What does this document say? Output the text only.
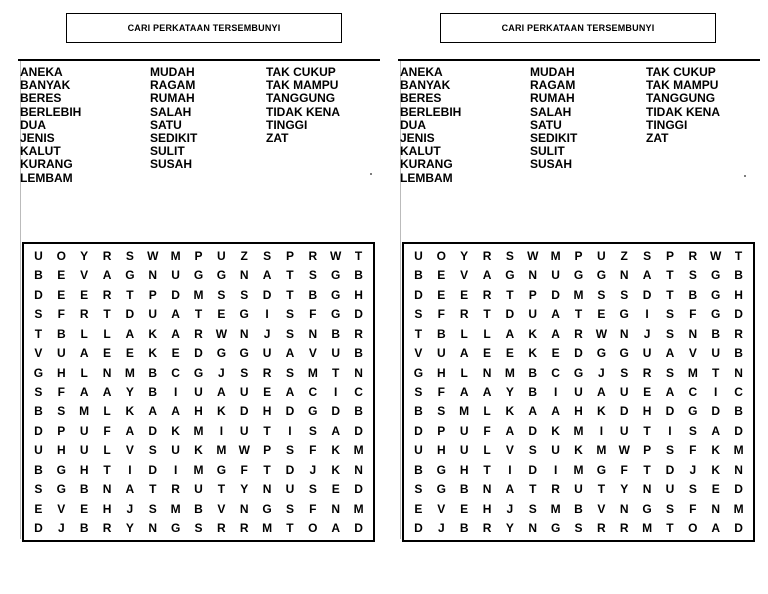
CARI PERKATAAN TERSEMBUNYI
ANEKA
BANYAK
BERES
BERLEBIH
DUA
JENIS
KALUT
KURANG
LEMBAM
MUDAH
RAGAM
RUMAH
SALAH
SATU
SEDIKIT
SULIT
SUSAH
TAK CUKUP
TAK MAMPU
TANGGUNG
TIDAK KENA
TINGGI
ZAT
U	O	Y	R	S	W	M	P	U	Z	S	P	R	W	T
B	E	V	A	G	N	U	G	G	N	A	T	S	G	B
D	E	E	R	T	P	D	M	S	S	D	T	B	G	H
S	F	R	T	D	U	A	T	E	G	I	S	F	G	D
T	B	L	L	A	K	A	R	W	N	J	S	N	B	R
V	U	A	E	E	K	E	D	G	G	U	A	V	U	B
G	H	L	N	M	B	C	G	J	S	R	S	M	T	N
S	F	A	A	Y	B	I	U	A	U	E	A	C	I	C
B	S	M	L	K	A	A	H	K	D	H	D	G	D	B
D	P	U	F	A	D	K	M	I	U	T	I	S	A	D
U	H	U	L	V	S	U	K	M	W	P	S	F	K	M
B	G	H	T	I	D	I	M	G	F	T	D	J	K	N
S	G	B	N	A	T	R	U	T	Y	N	U	S	E	D
E	V	E	H	J	S	M	B	V	N	G	S	F	N	M
D	J	B	R	Y	N	G	S	R	R	M	T	O	A	D
CARI PERKATAAN TERSEMBUNYI
ANEKA
BANYAK
BERES
BERLEBIH
DUA
JENIS
KALUT
KURANG
LEMBAM
MUDAH
RAGAM
RUMAH
SALAH
SATU
SEDIKIT
SULIT
SUSAH
TAK CUKUP
TAK MAMPU
TANGGUNG
TIDAK KENA
TINGGI
ZAT
U	O	Y	R	S	W	M	P	U	Z	S	P	R	W	T
B	E	V	A	G	N	U	G	G	N	A	T	S	G	B
D	E	E	R	T	P	D	M	S	S	D	T	B	G	H
S	F	R	T	D	U	A	T	E	G	I	S	F	G	D
T	B	L	L	A	K	A	R	W	N	J	S	N	B	R
V	U	A	E	E	K	E	D	G	G	U	A	V	U	B
G	H	L	N	M	B	C	G	J	S	R	S	M	T	N
S	F	A	A	Y	B	I	U	A	U	E	A	C	I	C
B	S	M	L	K	A	A	H	K	D	H	D	G	D	B
D	P	U	F	A	D	K	M	I	U	T	I	S	A	D
U	H	U	L	V	S	U	K	M	W	P	S	F	K	M
B	G	H	T	I	D	I	M	G	F	T	D	J	K	N
S	G	B	N	A	T	R	U	T	Y	N	U	S	E	D
E	V	E	H	J	S	M	B	V	N	G	S	F	N	M
D	J	B	R	Y	N	G	S	R	R	M	T	O	A	D
